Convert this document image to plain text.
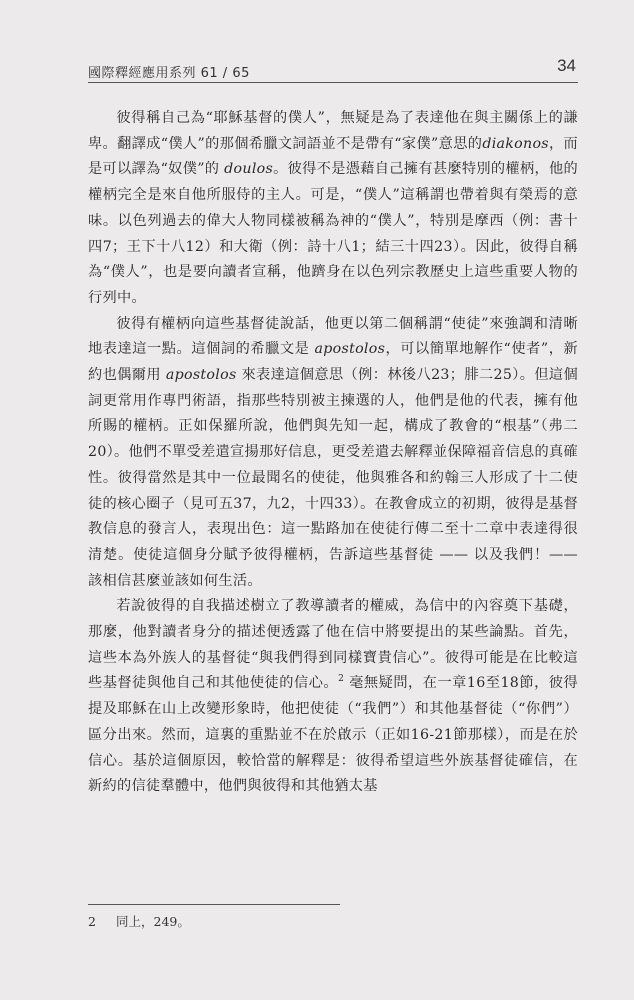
國際釋經應用系列 61 / 65	34

彼得稱自己為“耶穌基督的僕人”，無疑是為了表達他在與主關係上的謙卑。翻譯成“僕人”的那個希臘文詞語並不是帶有“家僕”意思的diakonos，而是可以譯為“奴僕”的 doulos。彼得不是憑藉自己擁有甚麼特別的權柄，他的權柄完全是來自他所服侍的主人。可是，“僕人”這稱謂也帶着與有榮焉的意味。以色列過去的偉大人物同樣被稱為神的“僕人”，特別是摩西（例：書十四7；王下十八12）和大衛（例：詩十八1；結三十四23）。因此，彼得自稱為“僕人”，也是要向讀者宣稱，他躋身在以色列宗教歷史上這些重要人物的行列中。

彼得有權柄向這些基督徒說話，他更以第二個稱謂“使徒”來強調和清晰地表達這一點。這個詞的希臘文是 apostolos，可以簡單地解作“使者”，新約也偶爾用 apostolos 來表達這個意思（例：林後八23；腓二25）。但這個詞更常用作專門術語，指那些特別被主揀選的人，他們是他的代表，擁有他所賜的權柄。正如保羅所說，他們與先知一起，構成了教會的“根基”（弗二20）。他們不單受差遣宣揚那好信息，更受差遣去解釋並保障福音信息的真確性。彼得當然是其中一位最聞名的使徒，他與雅各和約翰三人形成了十二使徒的核心圈子（見可五37，九2，十四33）。在教會成立的初期，彼得是基督教信息的發言人，表現出色：這一點路加在使徒行傳二至十二章中表達得很清楚。使徒這個身分賦予彼得權柄，告訴這些基督徒 —— 以及我們！—— 該相信甚麼並該如何生活。

若說彼得的自我描述樹立了教導讀者的權威，為信中的內容奠下基礎，那麼，他對讀者身分的描述便透露了他在信中將要提出的某些論點。首先，這些本為外族人的基督徒“與我們得到同樣寶貴信心”。彼得可能是在比較這些基督徒與他自己和其他使徒的信心。$^2$ 毫無疑問，在一章16至18節，彼得提及耶穌在山上改變形象時，他把使徒（“我們”）和其他基督徒（“你們”）區分出來。然而，這裏的重點並不在於啟示（正如16-21節那樣），而是在於信心。基於這個原因，較恰當的解釋是：彼得希望這些外族基督徒確信，在新約的信徒羣體中，他們與彼得和其他猶太基

2 同上，249。
